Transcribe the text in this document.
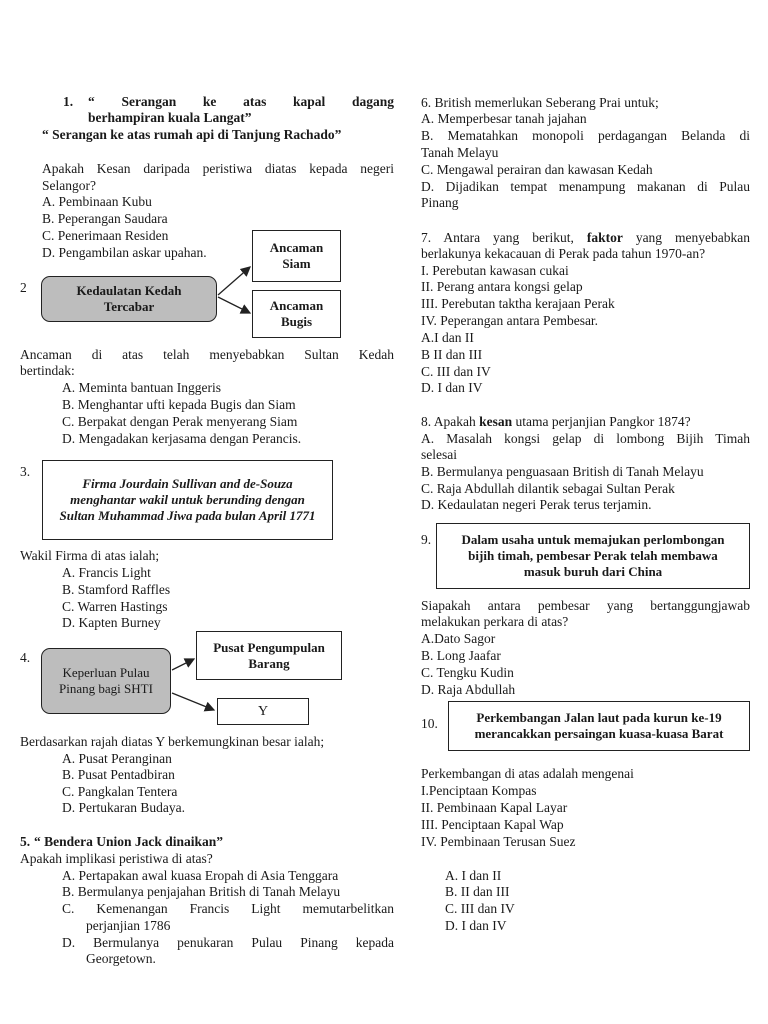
1. “ Serangan ke atas kapal dagang
berhampiran kuala Langat”
“ Serangan ke atas rumah api di Tanjung Rachado”
Apakah Kesan daripada peristiwa diatas kepada negeri
Selangor?
A. Pembinaan Kubu
B. Peperangan Saudara
C. Penerimaan Residen
D. Pengambilan askar upahan.
2	Kedaulatan Kedah Tercabar
Ancaman Siam
Ancaman Bugis
Ancaman di atas telah menyebabkan Sultan Kedah
bertindak:
A. Meminta bantuan Inggeris
B. Menghantar ufti kepada Bugis dan Siam
C. Berpakat dengan Perak menyerang Siam
D. Mengadakan kerjasama dengan Perancis.
3.
Firma Jourdain Sullivan and de-Souza menghantar wakil untuk berunding dengan Sultan Muhammad Jiwa pada bulan April 1771
Wakil Firma di atas ialah;
A. Francis Light
B. Stamford Raffles
C. Warren Hastings
D. Kapten Burney
4.
Keperluan Pulau Pinang bagi SHTI
Pusat Pengumpulan Barang
Y
Berdasarkan rajah diatas Y berkemungkinan besar ialah;
A. Pusat Peranginan
B. Pusat Pentadbiran
C. Pangkalan Tentera
D. Pertukaran Budaya.
5. “ Bendera Union Jack dinaikan”
Apakah implikasi peristiwa di atas?
A. Pertapakan awal kuasa Eropah di Asia Tenggara
B. Bermulanya penjajahan British di Tanah Melayu
C. Kemenangan Francis Light memutarbelitkan
perjanjian 1786
D. Bermulanya penukaran Pulau Pinang kepada
Georgetown.
6. British memerlukan Seberang Prai untuk;
A. Memperbesar tanah jajahan
B. Mematahkan monopoli perdagangan Belanda di
Tanah Melayu
C. Mengawal perairan dan kawasan Kedah
D. Dijadikan tempat menampung makanan di Pulau
Pinang
7. Antara yang berikut, faktor yang menyebabkan
berlakunya kekacauan di Perak pada tahun 1970-an?
I. Perebutan kawasan cukai
II. Perang antara kongsi gelap
III. Perebutan taktha kerajaan Perak
IV. Peperangan antara Pembesar.
A.I dan II
B II dan III
C. III dan IV
D. I dan IV
8. Apakah kesan utama perjanjian Pangkor 1874?
A. Masalah kongsi gelap di lombong Bijih Timah
selesai
B. Bermulanya penguasaan British di Tanah Melayu
C. Raja Abdullah dilantik sebagai Sultan Perak
D. Kedaulatan negeri Perak terus terjamin.
9.	Dalam usaha untuk memajukan perlombongan bijih timah, pembesar Perak telah membawa masuk buruh dari China
Siapakah antara pembesar yang bertanggungjawab
melakukan perkara di atas?
A.Dato Sagor
B. Long Jaafar
C. Tengku Kudin
D. Raja Abdullah
10.	Perkembangan Jalan laut pada kurun ke-19 merancakkan persaingan kuasa-kuasa Barat
Perkembangan di atas adalah mengenai
I.Penciptaan Kompas
II. Pembinaan Kapal Layar
III. Penciptaan Kapal Wap
IV. Pembinaan Terusan Suez
A. I dan II
B. II dan III
C. III dan IV
D. I dan IV
